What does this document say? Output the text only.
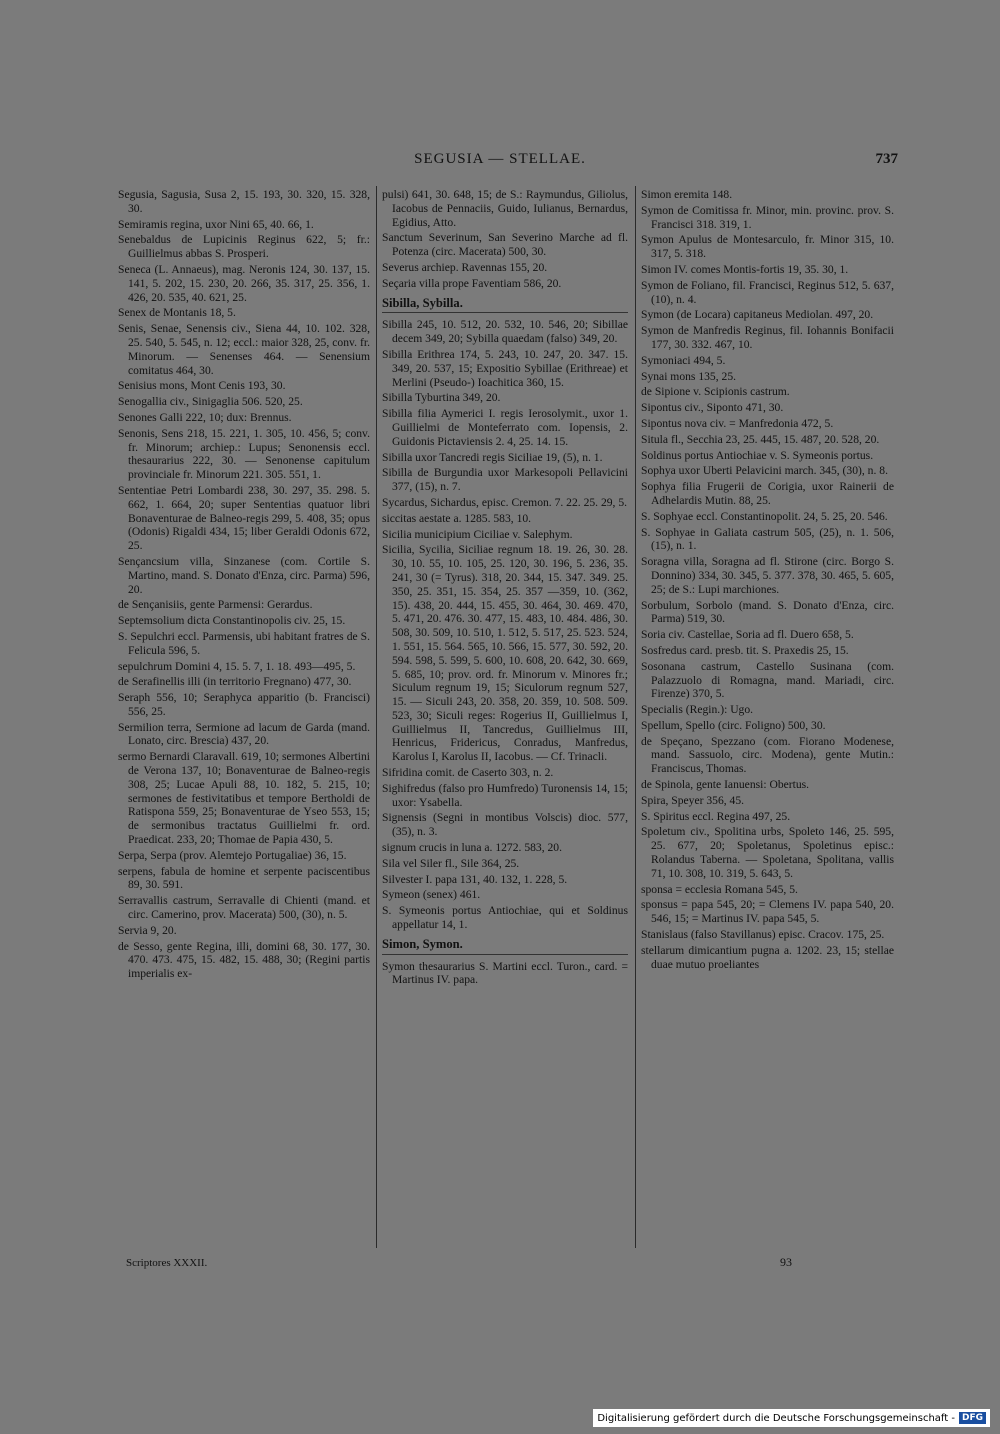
SEGUSIA — STELLAE.	737
Segusia, Sagusia, Susa 2, 15. 193, 30. 320, 15. 328, 30.
Semiramis regina, uxor Nini 65, 40. 66, 1.
Senebaldus de Lupicinis Reginus 622, 5; fr.: Guillielmus abbas S. Prosperi.
Seneca (L. Annaeus), mag. Neronis 124, 30. 137, 15. 141, 5. 202, 15. 230, 20. 266, 35. 317, 25. 356, 1. 426, 20. 535, 40. 621, 25.
Senex de Montanis 18, 5.
Senis, Senae, Senensis civ., Siena 44, 10. 102. 328, 25. 540, 5. 545, n. 12; eccl.: maior 328, 25, conv. fr. Minorum. — Senenses 464. — Senensium comitatus 464, 30.
Senisius mons, Mont Cenis 193, 30.
Senogallia civ., Sinigaglia 506. 520, 25.
Senones Galli 222, 10; dux: Brennus.
Senonis, Sens 218, 15. 221, 1. 305, 10. 456, 5; conv. fr. Minorum; archiep.: Lupus; Senonensis eccl. thesaurarius 222, 30. — Senonense capitulum provinciale fr. Minorum 221. 305. 551, 1.
Sententiae Petri Lombardi 238, 30. 297, 35. 298. 5. 662, 1. 664, 20; super Sententias quatuor libri Bonaventurae de Balneo-regis 299, 5. 408, 35; opus (Odonis) Rigaldi 434, 15; liber Geraldi Odonis 672, 25.
Sençancsium villa, Sinzanese (com. Cortile S. Martino, mand. S. Donato d'Enza, circ. Parma) 596, 20.
de Sençanisiis, gente Parmensi: Gerardus.
Septemsolium dicta Constantinopolis civ. 25, 15.
S. Sepulchri eccl. Parmensis, ubi habitant fratres de S. Felicula 596, 5.
sepulchrum Domini 4, 15. 5. 7, 1. 18. 493—495, 5.
de Serafinellis illi (in territorio Fregnano) 477, 30.
Seraph 556, 10; Seraphyca apparitio (b. Francisci) 556, 25.
Sermilion terra, Sermione ad lacum de Garda (mand. Lonato, circ. Brescia) 437, 20.
sermo Bernardi Claravall. 619, 10; sermones Albertini de Verona 137, 10; Bonaventurae de Balneo-regis 308, 25; Lucae Apuli 88, 10. 182, 5. 215, 10; sermones de festivitatibus et tempore Bertholdi de Ratispona 559, 25; Bonaventurae de Yseo 553, 15; de sermonibus tractatus Guillielmi fr. ord. Praedicat. 233, 20; Thomae de Papia 430, 5.
Serpa, Serpa (prov. Alemtejo Portugaliae) 36, 15.
serpens, fabula de homine et serpente paciscentibus 89, 30. 591.
Serravallis castrum, Serravalle di Chienti (mand. et circ. Camerino, prov. Macerata) 500, (30), n. 5.
Servia 9, 20.
de Sesso, gente Regina, illi, domini 68, 30. 177, 30. 470. 473. 475, 15. 482, 15. 488, 30; (Regini partis imperialis ex-
pulsi) 641, 30. 648, 15; de S.: Raymundus, Giliolus, Iacobus de Pennaciis, Guido, Iulianus, Bernardus, Egidius, Atto.
Sanctum Severinum, San Severino Marche ad fl. Potenza (circ. Macerata) 500, 30.
Severus archiep. Ravennas 155, 20.
Seçaria villa prope Faventiam 586, 20.
Sibilla, Sybilla.
Sibilla 245, 10. 512, 20. 532, 10. 546, 20; Sibillae decem 349, 20; Sybilla quaedam (falso) 349, 20.
Sibilla Erithrea 174, 5. 243, 10. 247, 20. 347. 15. 349, 20. 537, 15; Expositio Sybillae (Erithreae) et Merlini (Pseudo-) Ioachitica 360, 15.
Sibilla Tyburtina 349, 20.
Sibilla filia Aymerici I. regis Ierosolymit., uxor 1. Guillielmi de Monteferrato com. Iopensis, 2. Guidonis Pictaviensis 2. 4, 25. 14. 15.
Sibilla uxor Tancredi regis Siciliae 19, (5), n. 1.
Sibilla de Burgundia uxor Markesopoli Pellavicini 377, (15), n. 7.
Sycardus, Sichardus, episc. Cremon. 7. 22. 25. 29, 5.
siccitas aestate a. 1285. 583, 10.
Sicilia municipium Ciciliae v. Salephym.
Sicilia, Sycilia, Siciliae regnum 18. 19. 26, 30. 28. 30, 10. 55, 10. 105, 25. 120, 30. 196, 5. 236, 35. 241, 30 (= Tyrus). 318, 20. 344, 15. 347. 349. 25. 350, 25. 351, 15. 354, 25. 357 —359, 10. (362, 15). 438, 20. 444, 15. 455, 30. 464, 30. 469. 470, 5. 471, 20. 476. 30. 477, 15. 483, 10. 484. 486, 30. 508, 30. 509, 10. 510, 1. 512, 5. 517, 25. 523. 524, 1. 551, 15. 564. 565, 10. 566, 15. 577, 30. 592, 20. 594. 598, 5. 599, 5. 600, 10. 608, 20. 642, 30. 669, 5. 685, 10; prov. ord. fr. Minorum v. Minores fr.; Siculum regnum 19, 15; Siculorum regnum 527, 15. — Siculi 243, 20. 358, 20. 359, 10. 508. 509. 523, 30; Siculi reges: Rogerius II, Guillielmus I, Guillielmus II, Tancredus, Guillielmus III, Henricus, Fridericus, Conradus, Manfredus, Karolus I, Karolus II, Iacobus. — Cf. Trinacli.
Sifridina comit. de Caserto 303, n. 2.
Sighifredus (falso pro Humfredo) Turonensis 14, 15; uxor: Ysabella.
Signensis (Segni in montibus Volscis) dioc. 577, (35), n. 3.
signum crucis in luna a. 1272. 583, 20.
Sila vel Siler fl., Sile 364, 25.
Silvester I. papa 131, 40. 132, 1. 228, 5.
Symeon (senex) 461.
S. Symeonis portus Antiochiae, qui et Soldinus appellatur 14, 1.
Simon, Symon.
Symon thesaurarius S. Martini eccl. Turon., card. = Martinus IV. papa.
Simon eremita 148.
Symon de Comitissa fr. Minor, min. provinc. prov. S. Francisci 318. 319, 1.
Symon Apulus de Montesarculo, fr. Minor 315, 10. 317, 5. 318.
Simon IV. comes Montis-fortis 19, 35. 30, 1.
Symon de Foliano, fil. Francisci, Reginus 512, 5. 637, (10), n. 4.
Symon (de Locara) capitaneus Mediolan. 497, 20.
Symon de Manfredis Reginus, fil. Iohannis Bonifacii 177, 30. 332. 467, 10.
Symoniaci 494, 5.
Synai mons 135, 25.
de Sipione v. Scipionis castrum.
Sipontus civ., Siponto 471, 30.
Sipontus nova civ. = Manfredonia 472, 5.
Situla fl., Secchia 23, 25. 445, 15. 487, 20. 528, 20.
Soldinus portus Antiochiae v. S. Symeonis portus.
Sophya uxor Uberti Pelavicini march. 345, (30), n. 8.
Sophya filia Frugerii de Corigia, uxor Rainerii de Adhelardis Mutin. 88, 25.
S. Sophyae eccl. Constantinopolit. 24, 5. 25, 20. 546.
S. Sophyae in Galiata castrum 505, (25), n. 1. 506, (15), n. 1.
Soragna villa, Soragna ad fl. Stirone (circ. Borgo S. Donnino) 334, 30. 345, 5. 377. 378, 30. 465, 5. 605, 25; de S.: Lupi marchiones.
Sorbulum, Sorbolo (mand. S. Donato d'Enza, circ. Parma) 519, 30.
Soria civ. Castellae, Soria ad fl. Duero 658, 5.
Sosfredus card. presb. tit. S. Praxedis 25, 15.
Sosonana castrum, Castello Susinana (com. Palazzuolo di Romagna, mand. Mariadi, circ. Firenze) 370, 5.
Specialis (Regin.): Ugo.
Spellum, Spello (circ. Foligno) 500, 30.
de Speçano, Spezzano (com. Fiorano Modenese, mand. Sassuolo, circ. Modena), gente Mutin.: Franciscus, Thomas.
de Spinola, gente Ianuensi: Obertus.
Spira, Speyer 356, 45.
S. Spiritus eccl. Regina 497, 25.
Spoletum civ., Spolitina urbs, Spoleto 146, 25. 595, 25. 677, 20; Spoletanus, Spoletinus episc.: Rolandus Taberna. — Spoletana, Spolitana, vallis 71, 10. 308, 10. 319, 5. 643, 5.
sponsa = ecclesia Romana 545, 5.
sponsus = papa 545, 20; = Clemens IV. papa 540, 20. 546, 15; = Martinus IV. papa 545, 5.
Stanislaus (falso Stavillanus) episc. Cracov. 175, 25.
stellarum dimicantium pugna a. 1202. 23, 15; stellae duae mutuo proeliantes
Scriptores XXXII.	93
Digitalisierung gefördert durch die Deutsche Forschungsgemeinschaft - DFG
